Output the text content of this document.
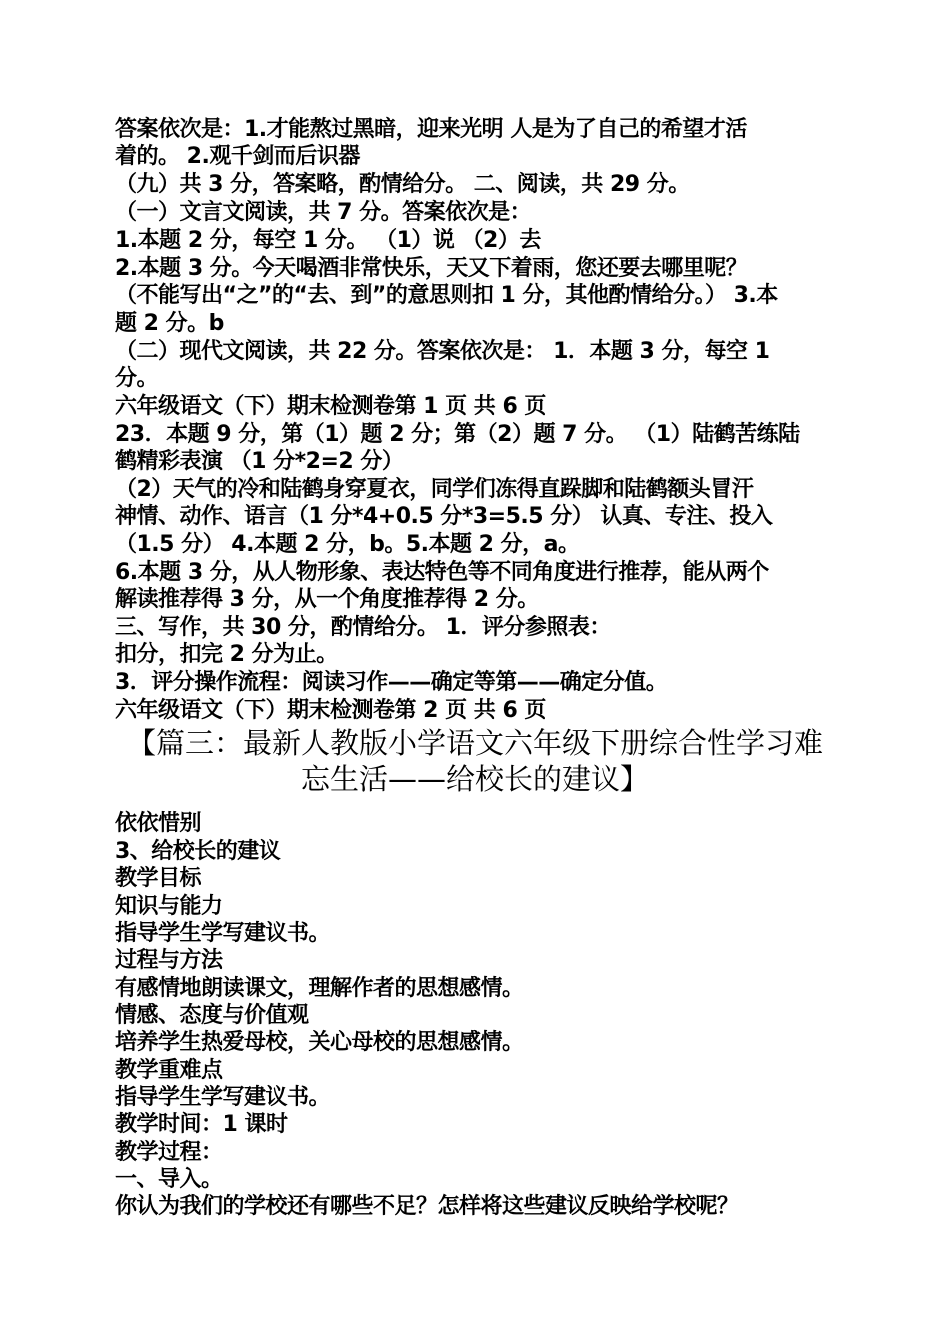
答案依次是：1.才能熬过黑暗，迎来光明 人是为了自己的希望才活
着的。 2.观千剑而后识器
（九）共 3 分，答案略，酌情给分。 二、阅读，共 29 分。
（一）文言文阅读，共 7 分。答案依次是：
1.本题 2 分，每空 1 分。 （1）说 （2）去
2.本题 3 分。今天喝酒非常快乐，天又下着雨，您还要去哪里呢？
（不能写出“之”的“去、到”的意思则扣 1 分，其他酌情给分。） 3.本
题 2 分。b
（二）现代文阅读，共 22 分。答案依次是： 1．本题 3 分，每空 1
分。
六年级语文（下）期末检测卷第 1 页 共 6 页
23．本题 9 分，第（1）题 2 分；第（2）题 7 分。 （1）陆鹤苦练陆
鹤精彩表演 （1 分*2=2 分）
（2）天气的冷和陆鹤身穿夏衣，同学们冻得直跺脚和陆鹤额头冒汗
神情、动作、语言（1 分*4+0.5 分*3=5.5 分） 认真、专注、投入
（1.5 分） 4.本题 2 分，b。5.本题 2 分，a。
6.本题 3 分，从人物形象、表达特色等不同角度进行推荐，能从两个
解读推荐得 3 分，从一个角度推荐得 2 分。
三、写作，共 30 分，酌情给分。 1．评分参照表：
扣分，扣完 2 分为止。
3．评分操作流程：阅读习作——确定等第——确定分值。
六年级语文（下）期末检测卷第 2 页 共 6 页
【篇三：最新人教版小学语文六年级下册综合性学习难
忘生活——给校长的建议】
依依惜别
3、给校长的建议
教学目标
知识与能力
指导学生学写建议书。
过程与方法
有感情地朗读课文，理解作者的思想感情。
情感、态度与价值观
培养学生热爱母校，关心母校的思想感情。
教学重难点
指导学生学写建议书。
教学时间：1 课时
教学过程：
一、导入。
你认为我们的学校还有哪些不足？怎样将这些建议反映给学校呢？
